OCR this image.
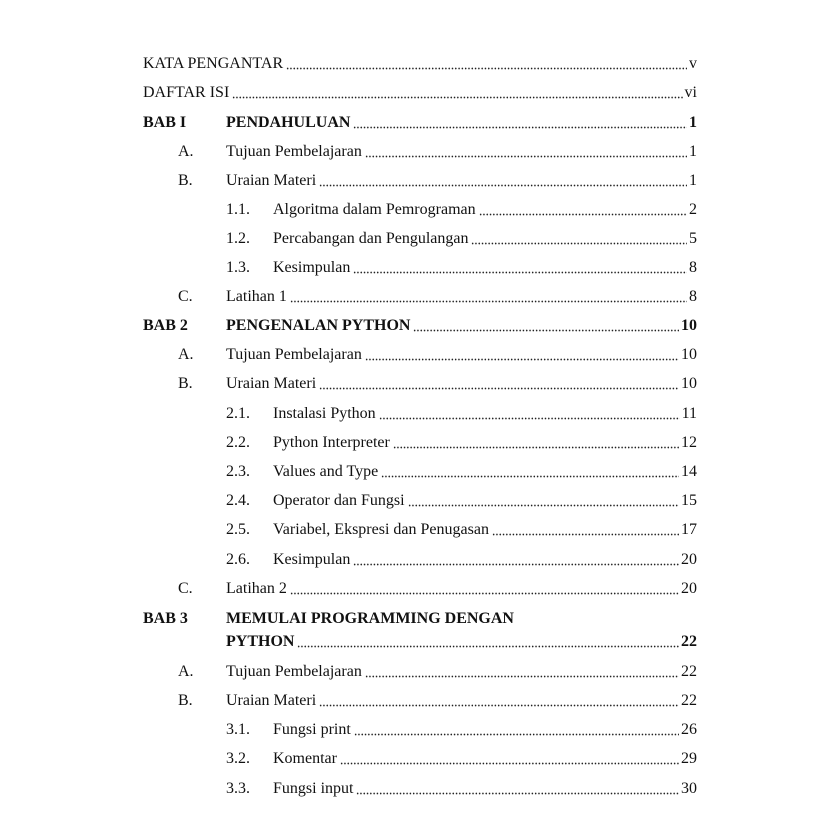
KATA PENGANTAR	v
DAFTAR ISI	vi
BAB I PENDAHULUAN	1
A. Tujuan Pembelajaran	1
B. Uraian Materi	1
1.1. Algoritma dalam Pemrograman	2
1.2. Percabangan dan Pengulangan	5
1.3. Kesimpulan	8
C. Latihan 1	8
BAB 2 PENGENALAN PYTHON	10
A. Tujuan Pembelajaran	10
B. Uraian Materi	10
2.1. Instalasi Python	11
2.2. Python Interpreter	12
2.3. Values and Type	14
2.4. Operator dan Fungsi	15
2.5. Variabel, Ekspresi dan Penugasan	17
2.6. Kesimpulan	20
C. Latihan 2	20
BAB 3 MEMULAI PROGRAMMING DENGAN
PYTHON	22
A. Tujuan Pembelajaran	22
B. Uraian Materi	22
3.1. Fungsi print	26
3.2. Komentar	29
3.3. Fungsi input	30
